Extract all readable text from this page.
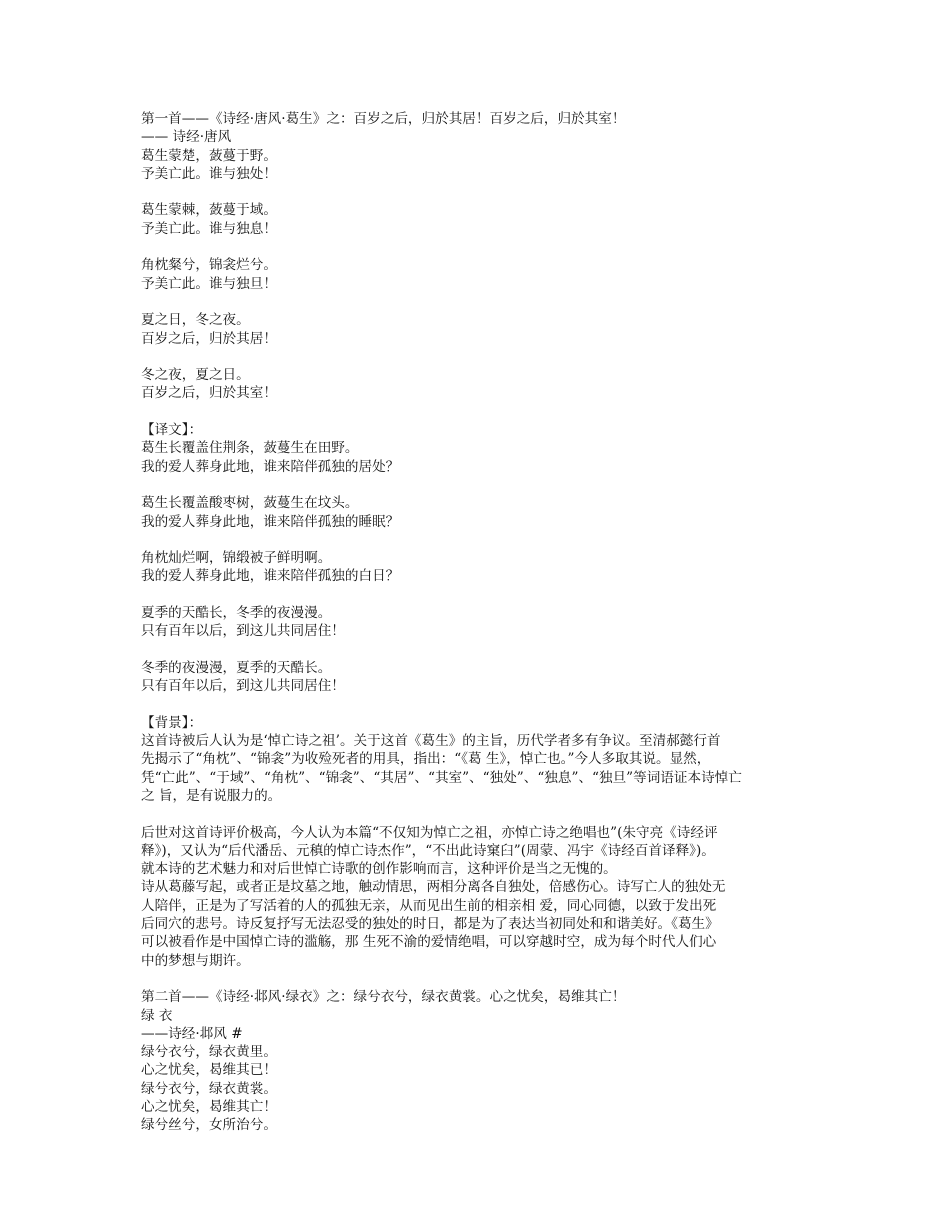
第一首——《诗经·唐风·葛生》之：百岁之后，归於其居！百岁之后，归於其室！
—— 诗经·唐风
葛生蒙楚，蔹蔓于野。
予美亡此。谁与独处！
葛生蒙棘，蔹蔓于域。
予美亡此。谁与独息！
角枕粲兮，锦衾烂兮。
予美亡此。谁与独旦！
夏之日，冬之夜。
百岁之后，归於其居！
冬之夜，夏之日。
百岁之后，归於其室！
【译文】：
葛生长覆盖住荆条，蔹蔓生在田野。
我的爱人葬身此地，谁来陪伴孤独的居处？
葛生长覆盖酸枣树，蔹蔓生在坟头。
我的爱人葬身此地，谁来陪伴孤独的睡眠？
角枕灿烂啊，锦缎被子鲜明啊。
我的爱人葬身此地，谁来陪伴孤独的白日？
夏季的天酷长，冬季的夜漫漫。
只有百年以后，到这儿共同居住！
冬季的夜漫漫，夏季的天酷长。
只有百年以后，到这儿共同居住！
【背景】：
这首诗被后人认为是‘悼亡诗之祖’。关于这首《葛生》的主旨，历代学者多有争议。至清郝懿行首
先揭示了“角枕”、“锦衾”为收殓死者的用具，指出：“《葛 生》，悼亡也。”今人多取其说。显然，
凭“亡此”、“于域”、“角枕”、“锦衾”、“其居”、“其室”、“独处”、“独息”、“独旦”等词语证本诗悼亡
之 旨，是有说服力的。
后世对这首诗评价极高，今人认为本篇“不仅知为悼亡之祖，亦悼亡诗之绝唱也”(朱守亮《诗经评
释》)，又认为“后代潘岳、元稹的悼亡诗杰作”，“不出此诗窠臼”(周蒙、冯宇《诗经百首译释》)。
就本诗的艺术魅力和对后世悼亡诗歌的创作影响而言，这种评价是当之无愧的。
诗从葛藤写起，或者正是坟墓之地，触动情思，两相分离各自独处，倍感伤心。诗写亡人的独处无
人陪伴，正是为了写活着的人的孤独无亲，从而见出生前的相亲相 爱，同心同德，以致于发出死
后同穴的悲号。诗反复抒写无法忍受的独处的时日，都是为了表达当初同处和和谐美好。《葛生》
可以被看作是中国悼亡诗的滥觞，那 生死不渝的爱情绝唱，可以穿越时空，成为每个时代人们心
中的梦想与期许。
第二首——《诗经·邶风·绿衣》之：绿兮衣兮，绿衣黄裳。心之忧矣，曷维其亡！
绿 衣
——诗经·邶风 #
绿兮衣兮，绿衣黄里。
心之忧矣，曷维其已！
绿兮衣兮，绿衣黄裳。
心之忧矣，曷维其亡！
绿兮丝兮，女所治兮。
